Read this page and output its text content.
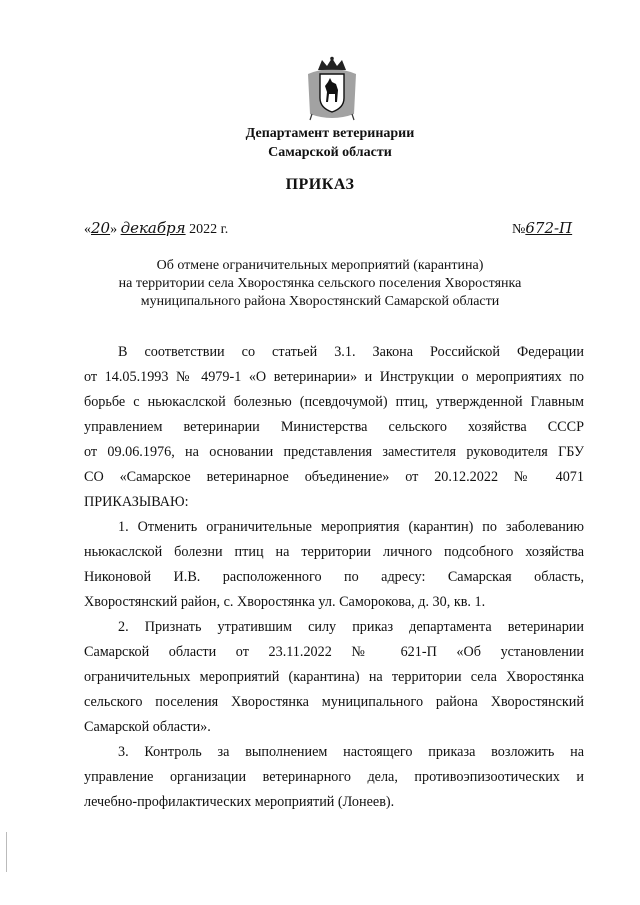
Департамент ветеринарии
Самарской области
ПРИКАЗ
«20» декабря 2022 г.	№672-П
Об отмене ограничительных мероприятий (карантина)
на территории села Хворостянка сельского поселения Хворостянка
муниципального района Хворостянский Самарской области
В соответствии со статьей 3.1. Закона Российской Федерации
от 14.05.1993 № 4979-1 «О ветеринарии» и Инструкции о мероприятиях по
борьбе с ньюкаслской болезнью (псевдочумой) птиц, утвержденной Главным
управлением ветеринарии Министерства сельского хозяйства СССР
от 09.06.1976, на основании представления заместителя руководителя ГБУ
СО «Самарское ветеринарное объединение» от 20.12.2022 № 4071
ПРИКАЗЫВАЮ:
1. Отменить ограничительные мероприятия (карантин) по заболеванию
ньюкаслской болезни птиц на территории личного подсобного хозяйства
Никоновой И.В. расположенного по адресу: Самарская область,
Хворостянский район, с. Хворостянка ул. Саморокова, д. 30, кв. 1.
2. Признать утратившим силу приказ департамента ветеринарии
Самарской области от 23.11.2022 № 621-П «Об установлении
ограничительных мероприятий (карантина) на территории села Хворостянка
сельского поселения Хворостянка муниципального района Хворостянский
Самарской области».
3. Контроль за выполнением настоящего приказа возложить на
управление организации ветеринарного дела, противоэпизоотических и
лечебно-профилактических мероприятий (Лонеев).
